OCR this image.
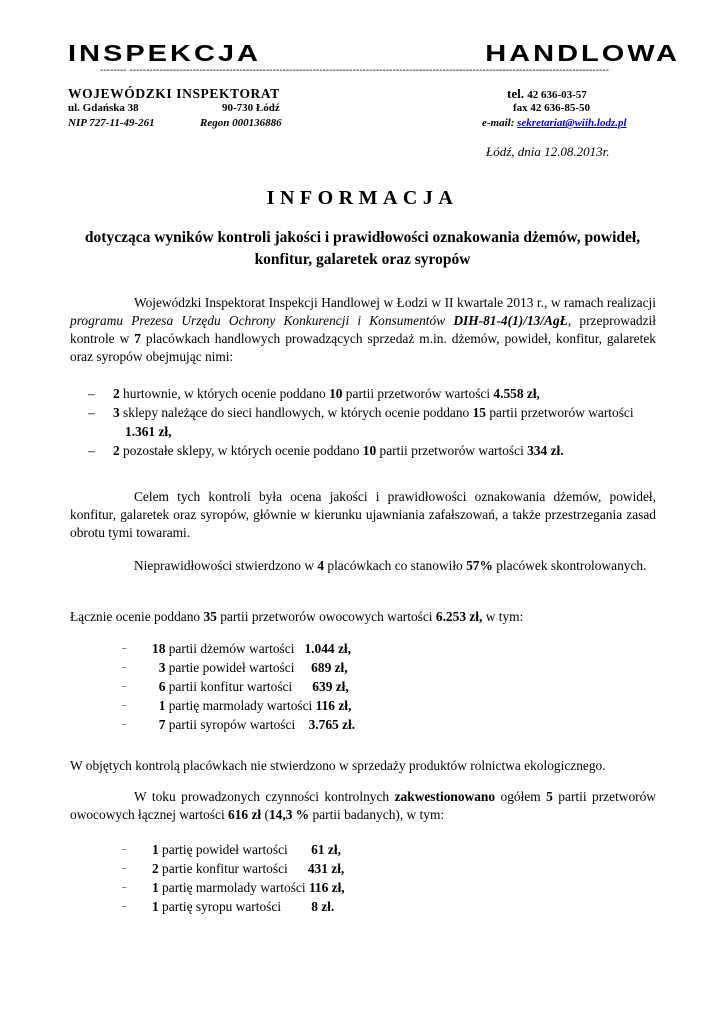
INSPEKCJA	HANDLOWA
-------- ------------------------------------------------------------------------------------------------------------------------------------------------
WOJEWÓDZKI INSPEKTORAT	tel. 42 636-03-57
ul. Gdańska 38	90-730 Łódź	fax 42 636-85-50
NIP 727-11-49-261	Regon 000136886	e-mail: sekretariat@wiih.lodz.pl
Łódź, dnia 12.08.2013r.
INFORMACJA
dotycząca wyników kontroli jakości i prawidłowości oznakowania dżemów, powideł, konfitur, galaretek oraz syropów
Wojewódzki Inspektorat Inspekcji Handlowej w Łodzi w II kwartale 2013 r., w ramach realizacji programu Prezesa Urzędu Ochrony Konkurencji i Konsumentów DIH-81-4(1)/13/AgŁ, przeprowadził kontrole w 7 placówkach handlowych prowadzących sprzedaż m.in. dżemów, powideł, konfitur, galaretek oraz syropów obejmując nimi:
– 2 hurtownie, w których ocenie poddano 10 partii przetworów wartości 4.558 zł,
– 3 sklepy należące do sieci handlowych, w których ocenie poddano 15 partii przetworów wartości 1.361 zł,
– 2 pozostałe sklepy, w których ocenie poddano 10 partii przetworów wartości 334 zł.
Celem tych kontroli była ocena jakości i prawidłowości oznakowania dżemów, powideł, konfitur, galaretek oraz syropów, głównie w kierunku ujawniania zafałszowań, a także przestrzegania zasad obrotu tymi towarami.
Nieprawidłowości stwierdzono w 4 placówkach co stanowiło 57% placówek skontrolowanych.
Łącznie ocenie poddano 35 partii przetworów owocowych wartości 6.253 zł, w tym:
– 18 partii dżemów wartości   1.044 zł,
– 3 partie powideł wartości     689 zł,
– 6 partii konfitur wartości      639 zł,
– 1 partię marmolady wartości 116 zł,
– 7 partii syropów wartości    3.765 zł.
W objętych kontrolą placówkach nie stwierdzono w sprzedaży produktów rolnictwa ekologicznego.
W toku prowadzonych czynności kontrolnych zakwestionowano ogółem 5 partii przetworów owocowych łącznej wartości 616 zł (14,3 % partii badanych), w tym:
– 1 partię powideł wartości       61 zł,
– 2 partie konfitur wartości      431 zł,
– 1 partię marmolady wartości 116 zł,
– 1 partię syropu wartości         8 zł.
